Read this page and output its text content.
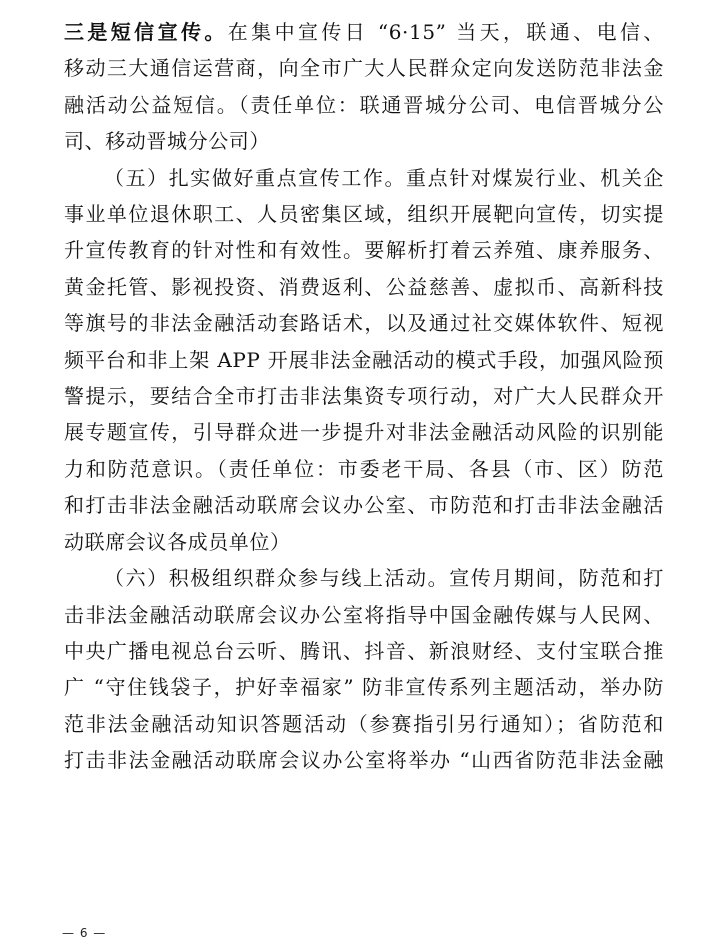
三是短信宣传。在集中宣传日 “6·15” 当天，联通、电信、
移动三大通信运营商，向全市广大人民群众定向发送防范非法金
融活动公益短信。（责任单位：联通晋城分公司、电信晋城分公
司、移动晋城分公司）

（五）扎实做好重点宣传工作。重点针对煤炭行业、机关企
事业单位退休职工、人员密集区域，组织开展靶向宣传，切实提
升宣传教育的针对性和有效性。要解析打着云养殖、康养服务、
黄金托管、影视投资、消费返利、公益慈善、虚拟币、高新科技
等旗号的非法金融活动套路话术，以及通过社交媒体软件、短视
频平台和非上架 APP 开展非法金融活动的模式手段，加强风险预
警提示，要结合全市打击非法集资专项行动，对广大人民群众开
展专题宣传，引导群众进一步提升对非法金融活动风险的识别能
力和防范意识。（责任单位：市委老干局、各县（市、区）防范
和打击非法金融活动联席会议办公室、市防范和打击非法金融活
动联席会议各成员单位）

（六）积极组织群众参与线上活动。宣传月期间，防范和打
击非法金融活动联席会议办公室将指导中国金融传媒与人民网、
中央广播电视总台云听、腾讯、抖音、新浪财经、支付宝联合推
广 “守住钱袋子，护好幸福家” 防非宣传系列主题活动，举办防
范非法金融活动知识答题活动（参赛指引另行通知）；省防范和
打击非法金融活动联席会议办公室将举办 “山西省防范非法金融

— 6 —
